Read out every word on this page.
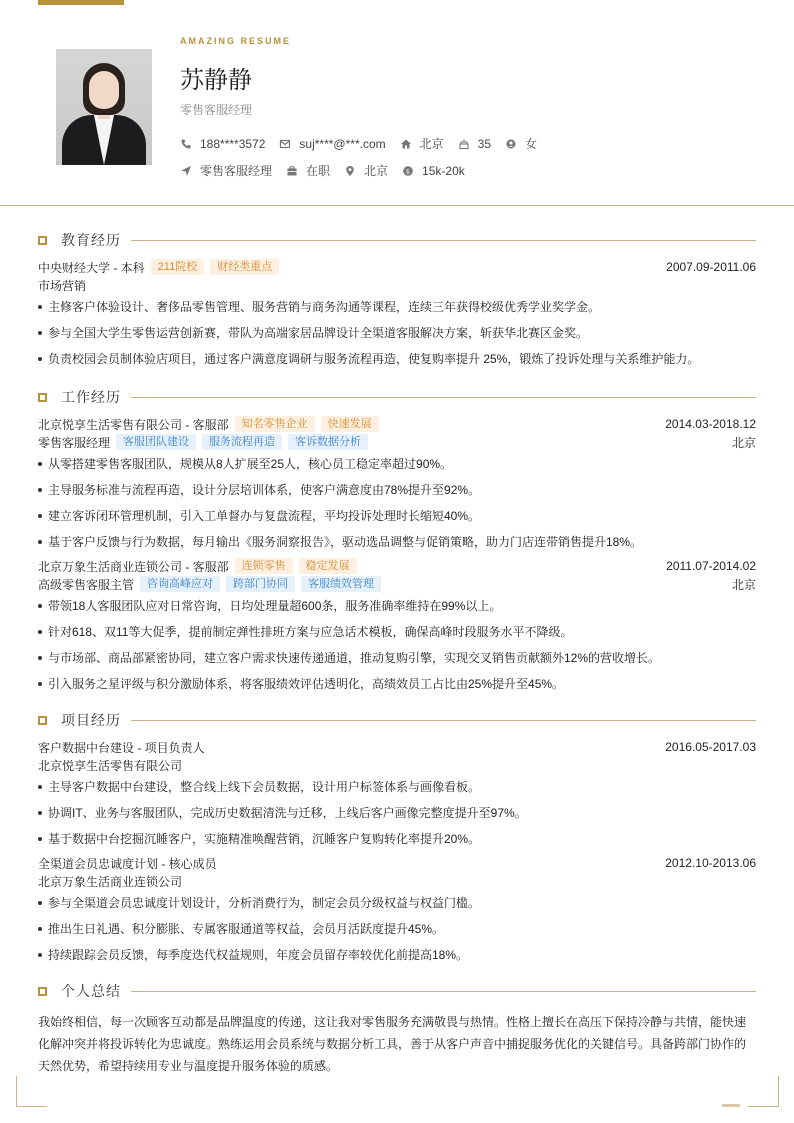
AMAZING RESUME
苏静静
零售客服经理
188****3572	suj****@***.com	北京	35	女
零售客服经理	在职	北京	$ 15k-20k
教育经历
中央财经大学 - 本科	211院校	财经类重点	2007.09-2011.06
市场营销
主修客户体验设计、奢侈品零售管理、服务营销与商务沟通等课程，连续三年获得校级优秀学业奖学金。
参与全国大学生零售运营创新赛，带队为高端家居品牌设计全渠道客服解决方案，斩获华北赛区金奖。
负责校园会员制体验店项目，通过客户满意度调研与服务流程再造，使复购率提升 25%，锻炼了投诉处理与关系维护能力。
工作经历
北京悦享生活零售有限公司 - 客服部	知名零售企业	快速发展	2014.03-2018.12
零售客服经理	客服团队建设	服务流程再造	客诉数据分析	北京
从零搭建零售客服团队，规模从8人扩展至25人，核心员工稳定率超过90%。
主导服务标准与流程再造，设计分层培训体系，使客户满意度由78%提升至92%。
建立客诉闭环管理机制，引入工单督办与复盘流程，平均投诉处理时长缩短40%。
基于客户反馈与行为数据，每月输出《服务洞察报告》，驱动选品调整与促销策略，助力门店连带销售提升18%。
北京万象生活商业连锁公司 - 客服部	连锁零售	稳定发展	2011.07-2014.02
高级零售客服主管	咨询高峰应对	跨部门协同	客服绩效管理	北京
带领18人客服团队应对日常咨询，日均处理量超600条，服务准确率维持在99%以上。
针对618、双11等大促季，提前制定弹性排班方案与应急话术模板，确保高峰时段服务水平不降级。
与市场部、商品部紧密协同，建立客户需求快速传递通道，推动复购引擎，实现交叉销售贡献额外12%的营收增长。
引入服务之星评级与积分激励体系，将客服绩效评估透明化，高绩效员工占比由25%提升至45%。
项目经历
客户数据中台建设 - 项目负责人	2016.05-2017.03
北京悦享生活零售有限公司
主导客户数据中台建设，整合线上线下会员数据，设计用户标签体系与画像看板。
协调IT、业务与客服团队，完成历史数据清洗与迁移，上线后客户画像完整度提升至97%。
基于数据中台挖掘沉睡客户，实施精准唤醒营销，沉睡客户复购转化率提升20%。
全渠道会员忠诚度计划 - 核心成员	2012.10-2013.06
北京万象生活商业连锁公司
参与全渠道会员忠诚度计划设计，分析消费行为，制定会员分级权益与权益门槛。
推出生日礼遇、积分膨胀、专属客服通道等权益，会员月活跃度提升45%。
持续跟踪会员反馈，每季度迭代权益规则，年度会员留存率较优化前提高18%。
个人总结
我始终相信，每一次顾客互动都是品牌温度的传递，这让我对零售服务充满敬畏与热情。性格上擅长在高压下保持冷静与共情，能快速化解冲突并将投诉转化为忠诚度。熟练运用会员系统与数据分析工具，善于从客户声音中捕捉服务优化的关键信号。具备跨部门协作的天然优势，希望持续用专业与温度提升服务体验的质感。
